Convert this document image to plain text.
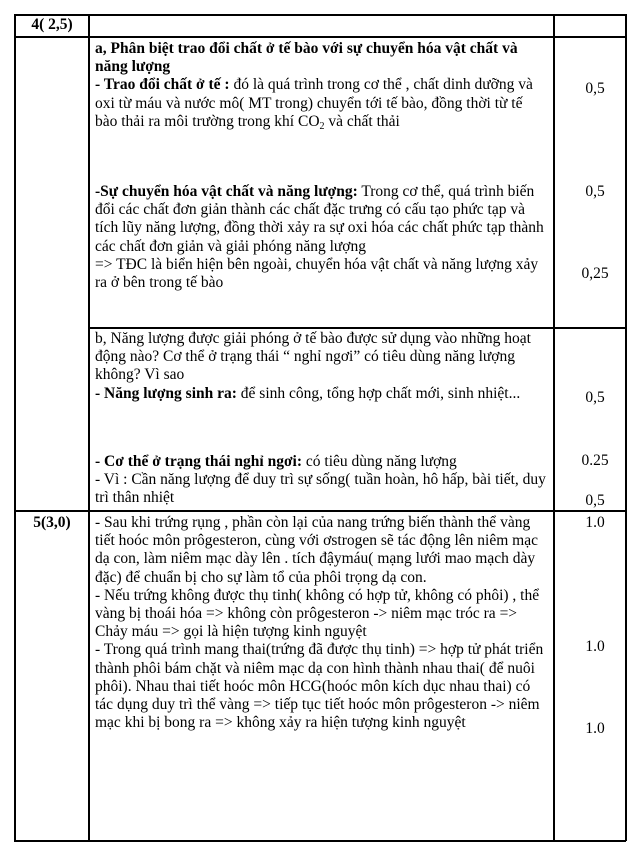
4( 2,5)
a, Phân biệt trao đổi chất ở tế bào với sự chuyển hóa vật chất và năng lượng
- Trao đổi chất ở tế : đó là quá trình trong cơ thể , chất dinh dưỡng và oxi từ máu và nước mô( MT trong) chuyển tới tế bào, đồng thời từ tế bào thải ra môi trường trong khí $CO_2$ và chất thải
-Sự chuyển hóa vật chất và năng lượng: Trong cơ thể, quá trình biến đổi các chất đơn giản thành các chất đặc trưng có cấu tạo phức tạp và tích lũy năng lượng, đồng thời xảy ra sự oxi hóa các chất phức tạp thành các chất đơn giản và giải phóng năng lượng
=> TĐC là biển hiện bên ngoài, chuyển hóa vật chất và năng lượng xảy ra ở bên trong tế bào
0,5
0,5
0,25
b, Năng lượng được giải phóng ở tế bào được sử dụng vào những hoạt động nào? Cơ thể ở trạng thái “ nghỉ ngơi” có tiêu dùng năng lượng không? Vì sao
- Năng lượng sinh ra: để sinh công, tổng hợp chất mới, sinh nhiệt...
- Cơ thể ở trạng thái nghỉ ngơi: có tiêu dùng năng lượng
- Vì : Cần năng lượng để duy trì sự sống( tuần hoàn, hô hấp, bài tiết, duy trì thân nhiệt
0,5
0.25
0,5
5(3,0)	- Sau khi trứng rụng , phần còn lại của nang trứng biến thành thể vàng tiết hoóc môn prôgesteron, cùng với ơstrogen sẽ tác động lên niêm mạc dạ con, làm niêm mạc dày lên . tích đậymáu( mạng lưới mao mạch dày đặc) để chuẩn bị cho sự làm tổ của phôi trọng dạ con.
- Nếu trứng không được thụ tinh( không có hợp tử, không có phôi) , thể vàng bị thoái hóa => không còn prôgesteron -> niêm mạc tróc ra => Chảy máu => gọi là hiện tượng kinh nguyệt
- Trong quá trình mang thai(trứng đã được thụ tinh) => hợp tử phát triển thành phôi bám chặt và niêm mạc dạ con hình thành nhau thai( để nuôi phôi). Nhau thai tiết hoóc môn HCG(hoóc môn kích dục nhau thai) có tác dụng duy trì thể vàng => tiếp tục tiết hoóc môn prôgesteron -> niêm mạc khi bị bong ra => không xảy ra hiện tượng kinh nguyệt
1.0
1.0
1.0
